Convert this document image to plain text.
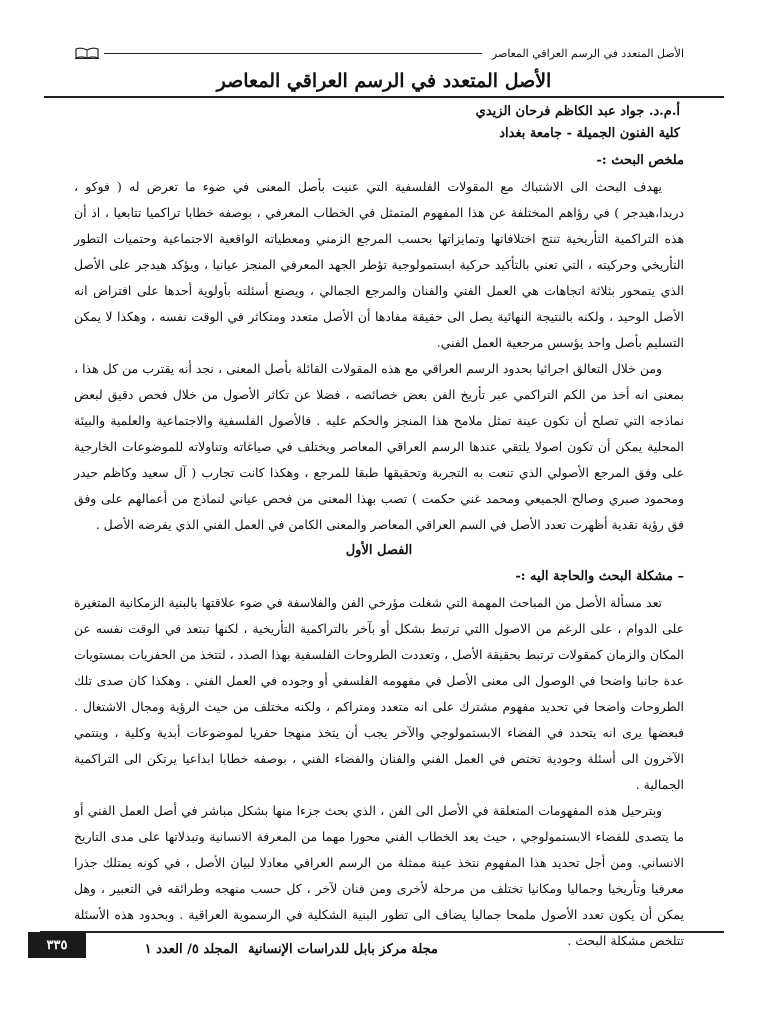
الأصل المتعدد في الرسم العراقي المعاصر
الأصل المتعدد في الرسم العراقي المعاصر
أ.م.د. جواد عبد الكاظم فرحان الزيدي
كلية الفنون الجميلة - جامعة بغداد

ملخص البحث :-

يهدف البحث الى الاشتباك مع المقولات الفلسفية التي عنيت بأصل المعنى في ضوء ما تعرض له ( فوكو ، دريدا،هيدجر ) في رؤاهم المختلفة عن هذا المفهوم المتمثل في الخطاب المعرفي ، بوصفه خطابا تراكميا تتابعيا ، اذ أن هذه التراكمية التأريخية تنتج اختلافاتها وتمايزاتها بحسب المرجع الزمني ومعطياته الواقعية الاجتماعية وحتميات التطور التأريخي وحركيته ، التي تعني بالتأكيد حركية ابستمولوجية تؤطر الجهد المعرفي المنجز عيانيا ، ويؤكد هيدجر على الأصل الذي يتمحور بثلاثة اتجاهات هي العمل الفني والفنان والمرجع الجمالي ، ويصنع أسئلته بأولوية أحدها على افتراض انه الأصل الوحيد ، ولكنه بالنتيجة النهائية يصل الى حقيقة مفادها أن الأصل متعدد ومتكاثر في الوقت نفسه ، وهكذا لا يمكن التسليم بأصل واحد يؤسس مرجعية العمل الفني.

ومن خلال التعالق اجرائيا بحدود الرسم العراقي مع هذه المقولات القائلة بأصل المعنى ، نجد أنه يقترب من كل هذا ، بمعنى انه أخذ من الكم التراكمي عبر تأريخ الفن بعض خصائصه ، فضلا عن تكاثر الأصول من خلال فحص دقيق لبعض نماذجه التي تصلح أن تكون عينة تمثل ملامح هذا المنجز والحكم عليه . فالأصول الفلسفية والاجتماعية والعلمية والبيئة المحلية يمكن أن تكون اصولا يلتقي عندها الرسم العراقي المعاصر ويختلف في صياغاته وتناولاته للموضوعات الخارجية على وفق المرجع الأصولي الذي تنعت به التجربة وتحقيقها طبقا للمرجع ، وهكذا كانت تجارب ( آل سعيد وكاظم حيدر ومحمود صبري وصالح الجميعي ومحمد غني حكمت ) تصب بهذا المعنى من فحص عياني لنماذج من أعمالهم على وفق فق رؤية نقدية أظهرت تعدد الأصل في السم العراقي المعاصر والمعنى الكامن في العمل الفني الذي يفرضه الأصل .

الفصل الأول

– مشكلة البحث والحاجة اليه :-

تعد مسألة الأصل من المباحث المهمة التي شغلت مؤرخي الفن والفلاسفة في ضوء علاقتها بالبنية الزمكانية المتغيرة على الدوام ، على الرغم من الاصول االتي ترتبط بشكل أو بآخر بالتراكمية التأريخية ، لكنها تبتعد في الوقت نفسه عن المكان والزمان كمقولات ترتبط بحقيقة الأصل ، وتعددت الطروحات الفلسفية بهذا الصدد ، لتتخذ من الحفريات بمستويات عدة جانبا واضحا في الوصول الى معنى الأصل في مفهومه الفلسفي أو وجوده في العمل الفني . وهكذا كان صدى تلك الطروحات واضحا في تحديد مفهوم مشترك على انه متعدد ومتراكم ، ولكنه مختلف من حيث الرؤية ومجال الاشتغال . فبعضها يرى انه يتحدد في الفضاء الابستمولوجي والآخر يجب أن يتخذ منهجا حفريا لموضوعات أبدية وكلية ، وينتمي الآخرون الى أسئلة وجودية تختص في العمل الفني والفنان والفضاء الفني ، بوصفه خطابا ابداعيا يرتكن الى التراكمية الجمالية .

وبترحيل هذه المفهومات المتعلقة في الأصل الى الفن ، الذي بحث جزءا منها بشكل مباشر في أصل العمل الفني أو ما يتصدى للفضاء الابستمولوجي ، حيث يعد الخطاب الفني محورا مهما من المعرفة الانسانية وتبدلاتها على مدى التاريخ الانساني. ومن أجل تحديد هذا المفهوم نتخذ عينة ممثلة من الرسم العراقي معادلا لبيان الأصل ، في كونه يمتلك جذرا معرفيا وتأريخيا وجماليا ومكانيا تختلف من مرحلة لأخرى ومن فنان لآخر ، كل حسب منهجه وطرائقه في التعبير ، وهل يمكن أن يكون تعدد الأصول ملمحا جماليا يضاف الى تطور البنية الشكلية في الرسموية العراقية . وبحدود هذه الأسئلة تتلخص مشكلة البحث .

مجلة مركز بابل للدراسات الإنسانية
المجلد ٥/ العدد ١
٣٣٥
